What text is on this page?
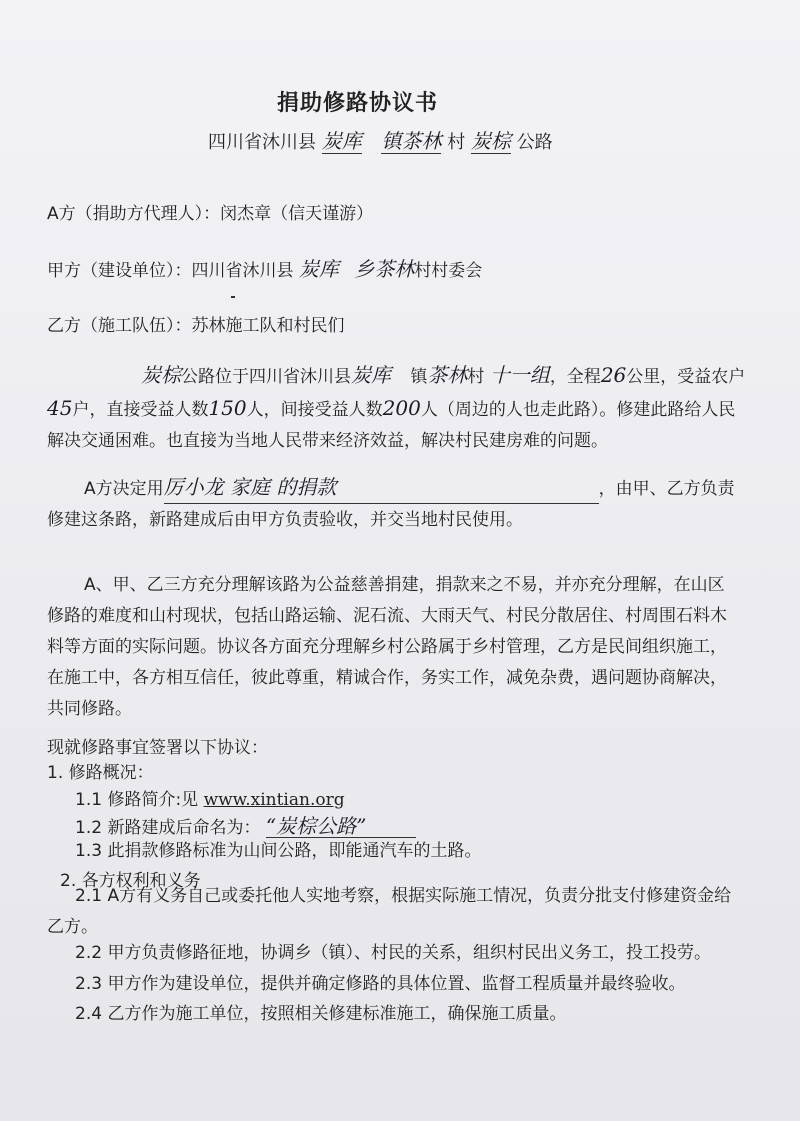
捐助修路协议书
四川省沐川县 炭库 镇茶林 村 炭棕 公路
A方（捐助方代理人）：闵杰章（信天谨游）
甲方（建设单位）：四川省沐川县 炭库 乡茶林村村委会
乙方（施工队伍）：苏林施工队和村民们
炭棕公路位于四川省沐川县炭库 镇茶林村 十一组，全程26公里，受益农户45户，直接受益人数150人，间接受益人数200人（周边的人也走此路）。修建此路给人民解决交通困难。也直接为当地人民带来经济效益，解决村民建房难的问题。
A方决定用厉小龙 家庭 的捐款	，由甲、乙方负责修建这条路，新路建成后由甲方负责验收，并交当地村民使用。
A、甲、乙三方充分理解该路为公益慈善捐建，捐款来之不易，并亦充分理解，在山区修路的难度和山村现状，包括山路运输、泥石流、大雨天气、村民分散居住、村周围石料木料等方面的实际问题。协议各方面充分理解乡村公路属于乡村管理，乙方是民间组织施工，在施工中，各方相互信任，彼此尊重，精诚合作，务实工作，减免杂费，遇问题协商解决，共同修路。
现就修路事宜签署以下协议：
1. 修路概况：
1.1 修路简介:见 www.xintian.org
1.2 新路建成后命名为： “炭棕公路”
1.3 此捐款修路标准为山间公路，即能通汽车的土路。
2. 各方权利和义务
2.1 A方有义务自己或委托他人实地考察，根据实际施工情况，负责分批支付修建资金给乙方。
2.2 甲方负责修路征地，协调乡（镇）、村民的关系，组织村民出义务工，投工投劳。
2.3 甲方作为建设单位，提供并确定修路的具体位置、监督工程质量并最终验收。
2.4 乙方作为施工单位，按照相关修建标准施工，确保施工质量。
